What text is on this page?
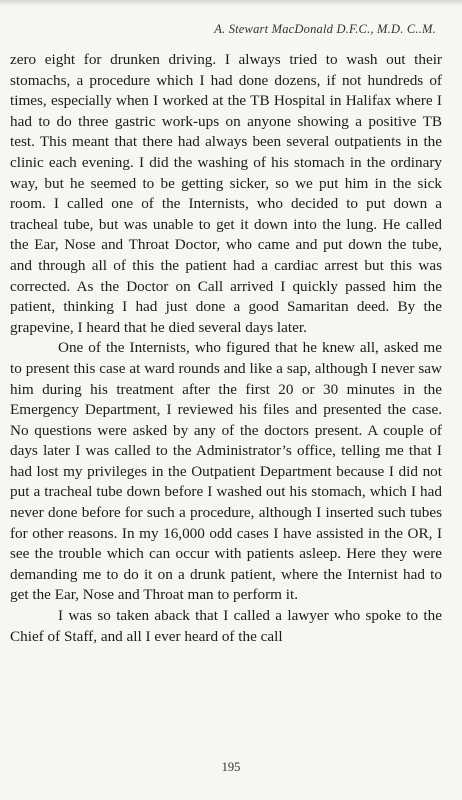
A. Stewart MacDonald D.F.C., M.D. C..M.

zero eight for drunken driving. I always tried to wash out their stomachs, a procedure which I had done dozens, if not hundreds of times, especially when I worked at the TB Hospital in Halifax where I had to do three gastric work-ups on anyone showing a positive TB test. This meant that there had always been several outpatients in the clinic each evening. I did the washing of his stomach in the ordinary way, but he seemed to be getting sicker, so we put him in the sick room. I called one of the Internists, who decided to put down a tracheal tube, but was unable to get it down into the lung. He called the Ear, Nose and Throat Doctor, who came and put down the tube, and through all of this the patient had a cardiac arrest but this was corrected. As the Doctor on Call arrived I quickly passed him the patient, thinking I had just done a good Samaritan deed. By the grapevine, I heard that he died several days later.

One of the Internists, who figured that he knew all, asked me to present this case at ward rounds and like a sap, although I never saw him during his treatment after the first 20 or 30 minutes in the Emergency Department, I reviewed his files and presented the case. No questions were asked by any of the doctors present. A couple of days later I was called to the Administrator’s office, telling me that I had lost my privileges in the Outpatient Department because I did not put a tracheal tube down before I washed out his stomach, which I had never done before for such a procedure, although I inserted such tubes for other reasons. In my 16,000 odd cases I have assisted in the OR, I see the trouble which can occur with patients asleep. Here they were demanding me to do it on a drunk patient, where the Internist had to get the Ear, Nose and Throat man to perform it.

I was so taken aback that I called a lawyer who spoke to the Chief of Staff, and all I ever heard of the call

195
